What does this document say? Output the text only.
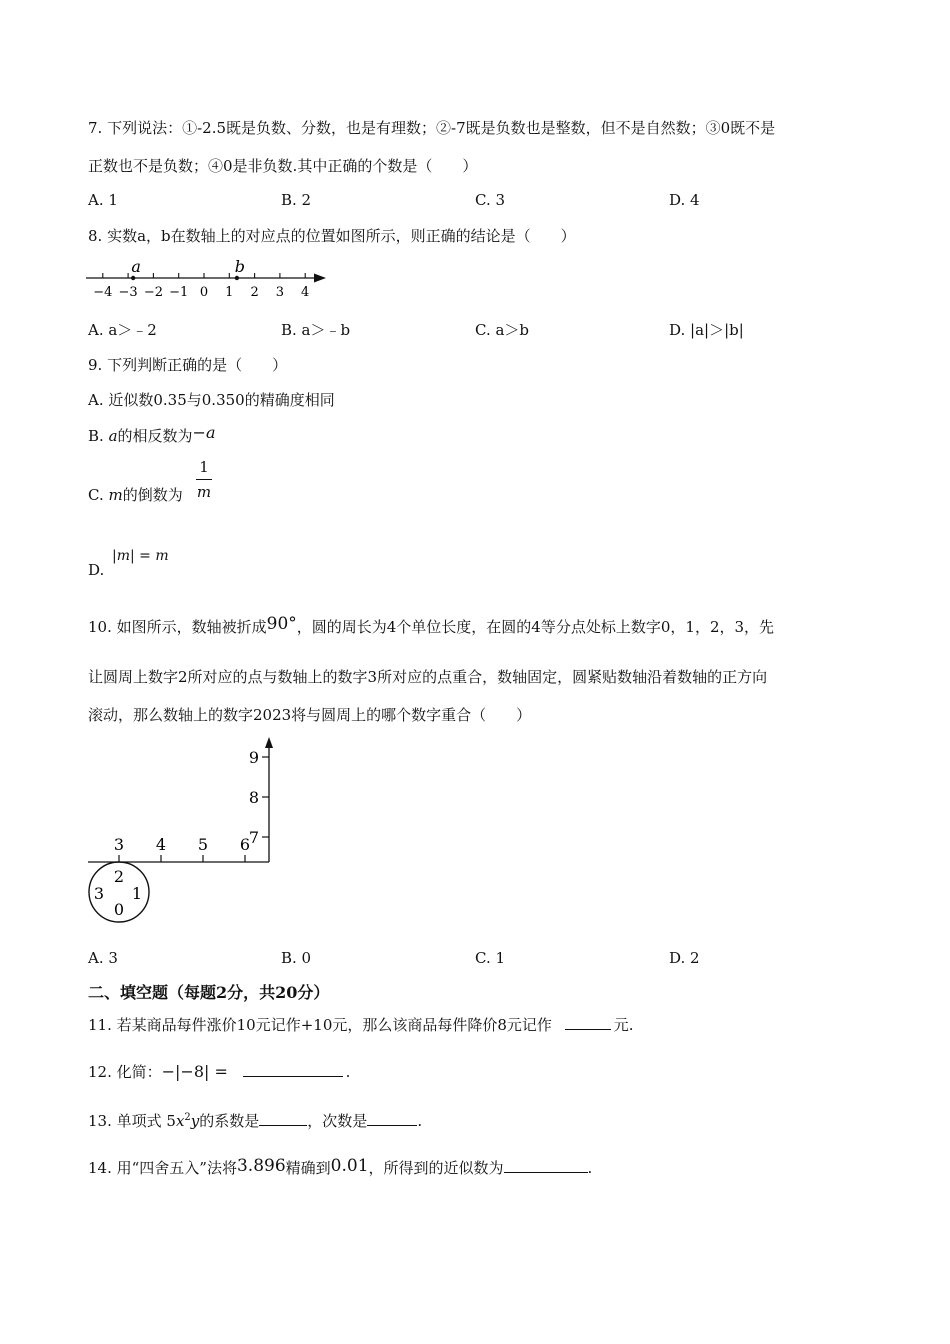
7. 下列说法：①-2.5既是负数、分数，也是有理数；②-7既是负数也是整数，但不是自然数；③0既不是
正数也不是负数；④0是非负数.其中正确的个数是（　　）
A. 1	B. 2	C. 3	D. 4
8. 实数a，b在数轴上的对应点的位置如图所示，则正确的结论是（　　）
−4 −3 −2 −1 0 1 2 3 4
a	b
A. a＞﹣2	B. a＞﹣b	C. a＞b	D. |a|＞|b|
9. 下列判断正确的是（　　）
A. 近似数0.35与0.350的精确度相同
B. a的相反数为−a
C. m的倒数为
1
m
D.
|m| = m
10. 如图所示，数轴被折成90°，圆的周长为4个单位长度，在圆的4等分点处标上数字0，1，2，3，先
让圆周上数字2所对应的点与数轴上的数字3所对应的点重合，数轴固定，圆紧贴数轴沿着数轴的正方向
滚动，那么数轴上的数字2023将与圆周上的哪个数字重合（　　）
3 4 5 6
7
8
9
2
3 1
0
A. 3	B. 0	C. 1	D. 2
二、填空题（每题2分，共20分）
11. 若某商品每件涨价10元记作+10元，那么该商品每件降价8元记作	元.
12. 化简：−|−8| =	.
13. 单项式 $5x^2y$的系数是	，次数是	.
14. 用“四舍五入”法将3.896精确到0.01，所得到的近似数为	.
